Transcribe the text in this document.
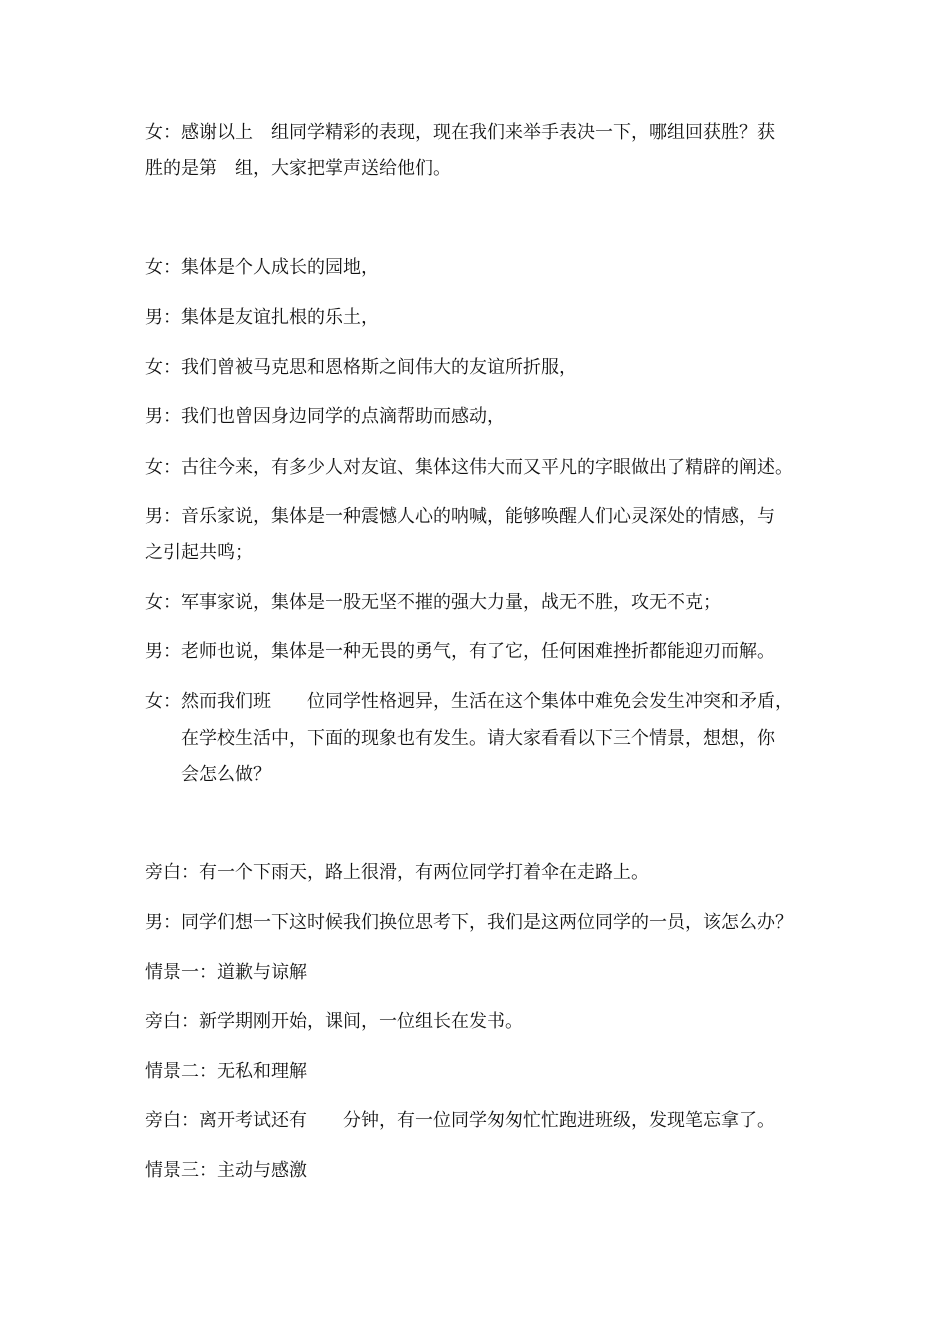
女：感谢以上　组同学精彩的表现，现在我们来举手表决一下，哪组回获胜？获
胜的是第　组，大家把掌声送给他们。
女：集体是个人成长的园地，
男：集体是友谊扎根的乐土，
女：我们曾被马克思和恩格斯之间伟大的友谊所折服，
男：我们也曾因身边同学的点滴帮助而感动，
女：古往今来，有多少人对友谊、集体这伟大而又平凡的字眼做出了精辟的阐述。
男：音乐家说，集体是一种震憾人心的呐喊，能够唤醒人们心灵深处的情感，与
之引起共鸣；
女：军事家说，集体是一股无坚不摧的强大力量，战无不胜，攻无不克；
男：老师也说，集体是一种无畏的勇气，有了它，任何困难挫折都能迎刃而解。
女：然而我们班　　位同学性格迥异，生活在这个集体中难免会发生冲突和矛盾，
在学校生活中，下面的现象也有发生。请大家看看以下三个情景，想想，你
会怎么做？
旁白：有一个下雨天，路上很滑，有两位同学打着伞在走路上。
男：同学们想一下这时候我们换位思考下，我们是这两位同学的一员，该怎么办？
情景一：道歉与谅解
旁白：新学期刚开始，课间，一位组长在发书。
情景二：无私和理解
旁白：离开考试还有　　分钟，有一位同学匆匆忙忙跑进班级，发现笔忘拿了。
情景三：主动与感激
